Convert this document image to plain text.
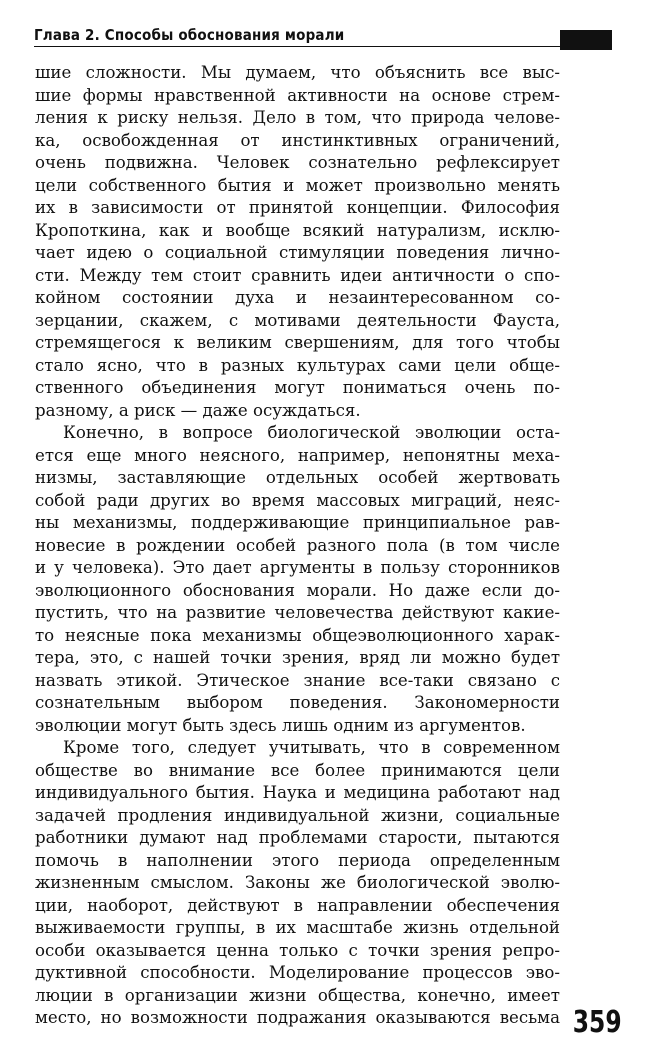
Глава 2. Способы обоснования морали
шие сложности. Мы думаем, что объяснить все выс-
шие формы нравственной активности на основе стрем-
ления к риску нельзя. Дело в том, что природа челове-
ка, освобожденная от инстинктивных ограничений,
очень подвижна. Человек сознательно рефлексирует
цели собственного бытия и может произвольно менять
их в зависимости от принятой концепции. Философия
Кропоткина, как и вообще всякий натурализм, исклю-
чает идею о социальной стимуляции поведения лично-
сти. Между тем стоит сравнить идеи античности о спо-
койном состоянии духа и незаинтересованном со-
зерцании, скажем, с мотивами деятельности Фауста,
стремящегося к великим свершениям, для того чтобы
стало ясно, что в разных культурах сами цели обще-
ственного объединения могут пониматься очень по-
разному, а риск — даже осуждаться.
Конечно, в вопросе биологической эволюции оста-
ется еще много неясного, например, непонятны меха-
низмы, заставляющие отдельных особей жертвовать
собой ради других во время массовых миграций, неяс-
ны механизмы, поддерживающие принципиальное рав-
новесие в рождении особей разного пола (в том числе
и у человека). Это дает аргументы в пользу сторонников
эволюционного обоснования морали. Но даже если до-
пустить, что на развитие человечества действуют какие-
то неясные пока механизмы общеэволюционного харак-
тера, это, с нашей точки зрения, вряд ли можно будет
назвать этикой. Этическое знание все-таки связано с
сознательным выбором поведения. Закономерности
эволюции могут быть здесь лишь одним из аргументов.
Кроме того, следует учитывать, что в современном
обществе во внимание все более принимаются цели
индивидуального бытия. Наука и медицина работают над
задачей продления индивидуальной жизни, социальные
работники думают над проблемами старости, пытаются
помочь в наполнении этого периода определенным
жизненным смыслом. Законы же биологической эволю-
ции, наоборот, действуют в направлении обеспечения
выживаемости группы, в их масштабе жизнь отдельной
особи оказывается ценна только с точки зрения репро-
дуктивной способности. Моделирование процессов эво-
люции в организации жизни общества, конечно, имеет
место, но возможности подражания оказываются весьма 359
